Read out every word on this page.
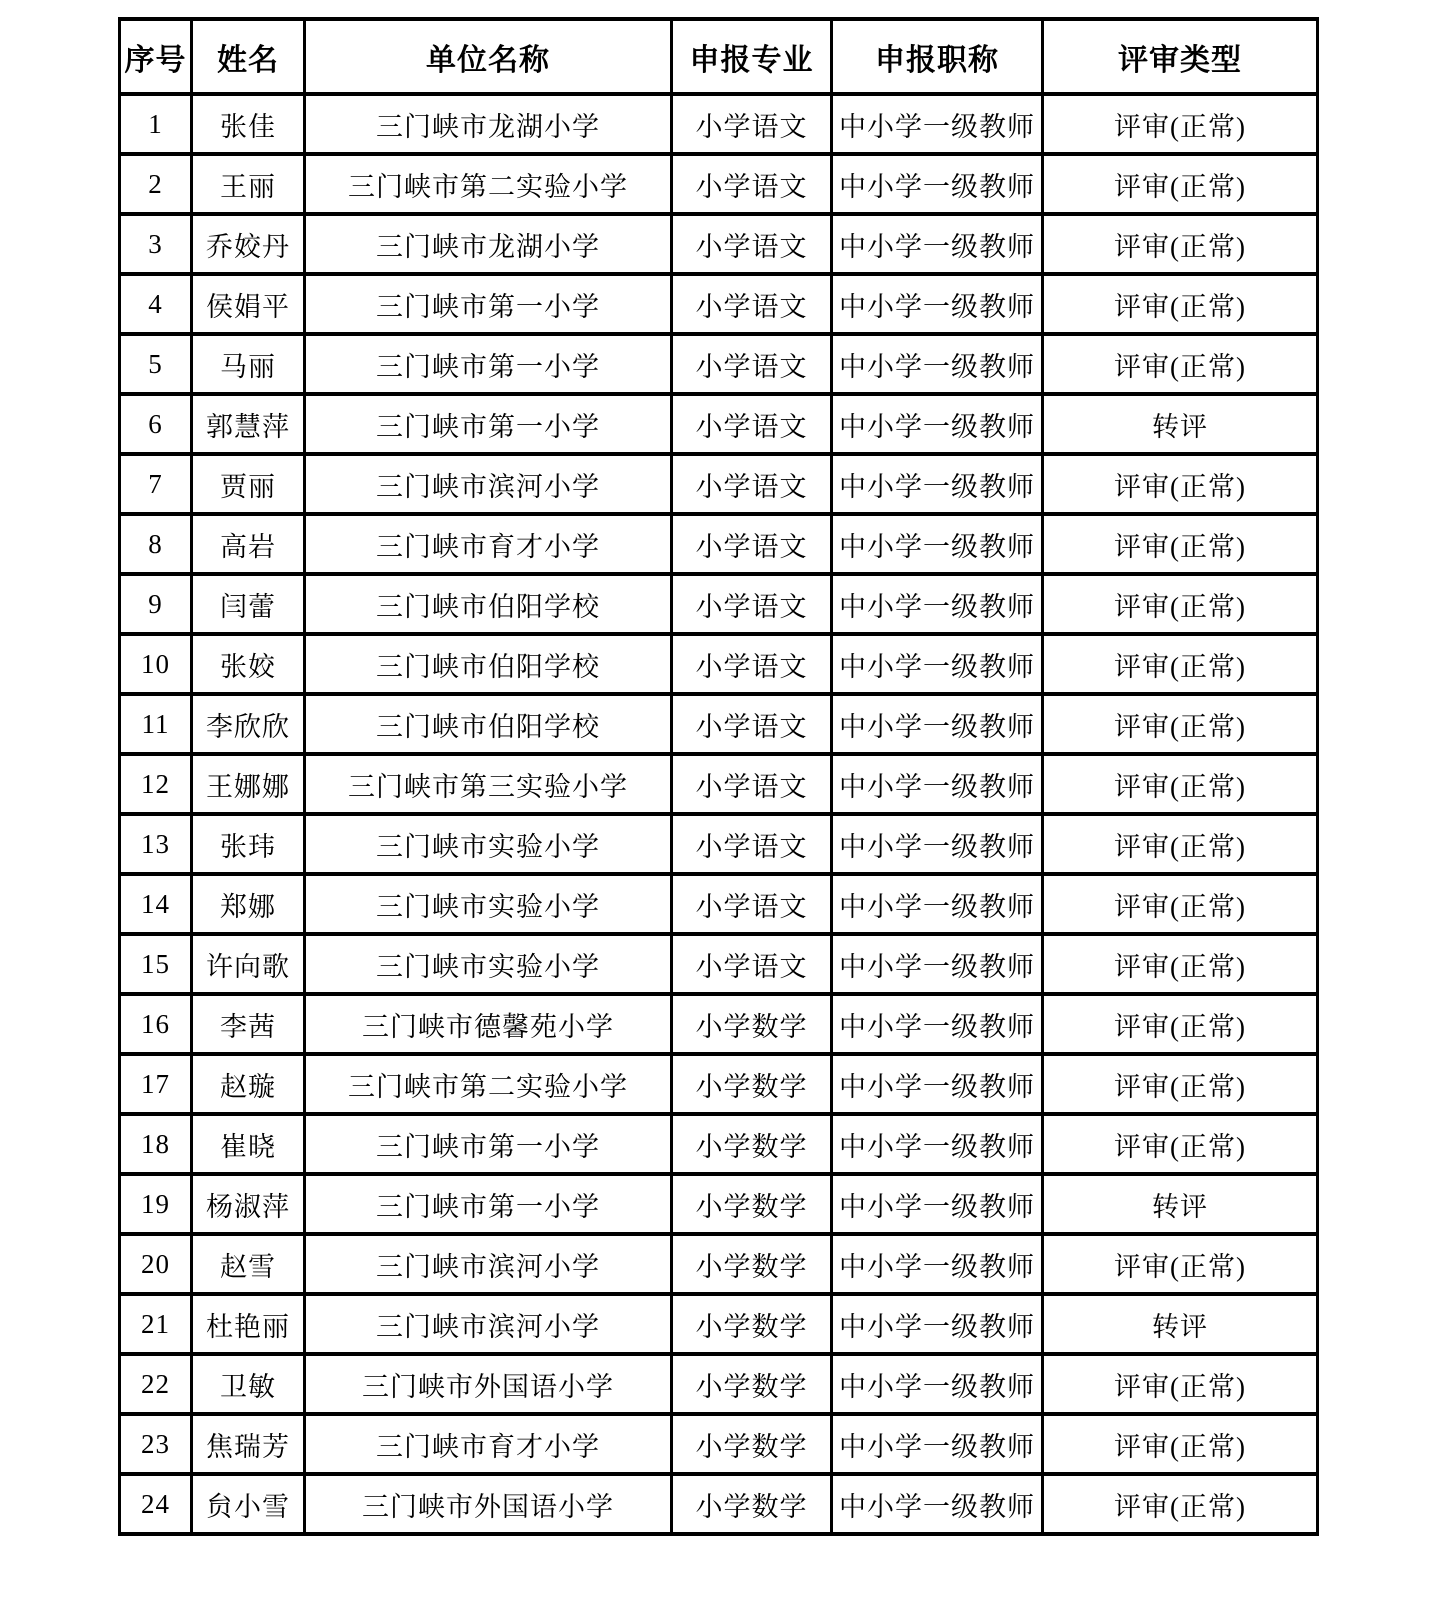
序号	姓名	单位名称	申报专业	申报职称	评审类型
1	张佳	三门峡市龙湖小学	小学语文	中小学一级教师	评审(正常)
2	王丽	三门峡市第二实验小学	小学语文	中小学一级教师	评审(正常)
3	乔姣丹	三门峡市龙湖小学	小学语文	中小学一级教师	评审(正常)
4	侯娟平	三门峡市第一小学	小学语文	中小学一级教师	评审(正常)
5	马丽	三门峡市第一小学	小学语文	中小学一级教师	评审(正常)
6	郭慧萍	三门峡市第一小学	小学语文	中小学一级教师	转评
7	贾丽	三门峡市滨河小学	小学语文	中小学一级教师	评审(正常)
8	高岩	三门峡市育才小学	小学语文	中小学一级教师	评审(正常)
9	闫蕾	三门峡市伯阳学校	小学语文	中小学一级教师	评审(正常)
10	张姣	三门峡市伯阳学校	小学语文	中小学一级教师	评审(正常)
11	李欣欣	三门峡市伯阳学校	小学语文	中小学一级教师	评审(正常)
12	王娜娜	三门峡市第三实验小学	小学语文	中小学一级教师	评审(正常)
13	张玮	三门峡市实验小学	小学语文	中小学一级教师	评审(正常)
14	郑娜	三门峡市实验小学	小学语文	中小学一级教师	评审(正常)
15	许向歌	三门峡市实验小学	小学语文	中小学一级教师	评审(正常)
16	李茜	三门峡市德馨苑小学	小学数学	中小学一级教师	评审(正常)
17	赵璇	三门峡市第二实验小学	小学数学	中小学一级教师	评审(正常)
18	崔晓	三门峡市第一小学	小学数学	中小学一级教师	评审(正常)
19	杨淑萍	三门峡市第一小学	小学数学	中小学一级教师	转评
20	赵雪	三门峡市滨河小学	小学数学	中小学一级教师	评审(正常)
21	杜艳丽	三门峡市滨河小学	小学数学	中小学一级教师	转评
22	卫敏	三门峡市外国语小学	小学数学	中小学一级教师	评审(正常)
23	焦瑞芳	三门峡市育才小学	小学数学	中小学一级教师	评审(正常)
24	贠小雪	三门峡市外国语小学	小学数学	中小学一级教师	评审(正常)
